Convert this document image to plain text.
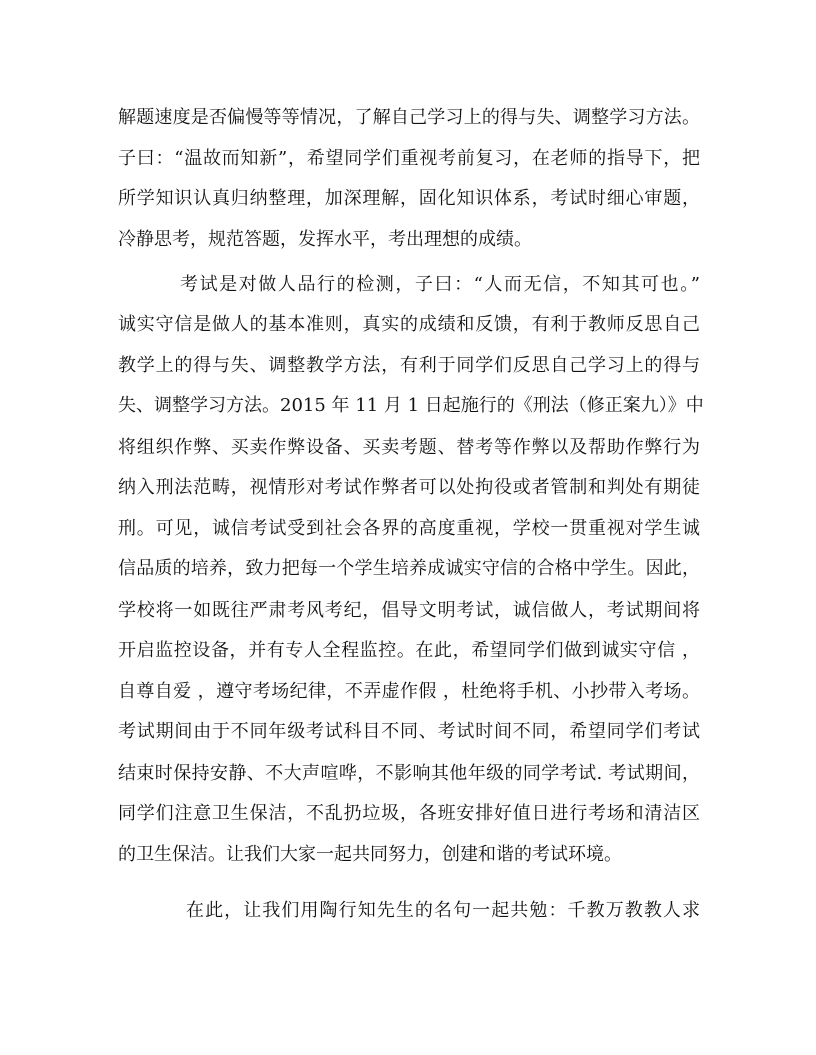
解题速度是否偏慢等等情况，了解自己学习上的得与失、调整学习方法。
子曰：“温故而知新”，希望同学们重视考前复习，在老师的指导下，把
所学知识认真归纳整理，加深理解，固化知识体系，考试时细心审题，
冷静思考，规范答题，发挥水平，考出理想的成绩。
考试是对做人品行的检测，子曰：“人而无信，不知其可也。”
诚实守信是做人的基本准则，真实的成绩和反馈，有利于教师反思自己
教学上的得与失、调整教学方法，有利于同学们反思自己学习上的得与
失、调整学习方法。2015 年 11 月 1 日起施行的《刑法（修正案九）》中
将组织作弊、买卖作弊设备、买卖考题、替考等作弊以及帮助作弊行为
纳入刑法范畴，视情形对考试作弊者可以处拘役或者管制和判处有期徒
刑。可见，诚信考试受到社会各界的高度重视，学校一贯重视对学生诚
信品质的培养，致力把每一个学生培养成诚实守信的合格中学生。因此，
学校将一如既往严肃考风考纪，倡导文明考试，诚信做人，考试期间将
开启监控设备，并有专人全程监控。在此，希望同学们做到诚实守信 ，
自尊自爱 ，遵守考场纪律，不弄虚作假 ，杜绝将手机、小抄带入考场。
考试期间由于不同年级考试科目不同、考试时间不同，希望同学们考试
结束时保持安静、不大声喧哗，不影响其他年级的同学考试. 考试期间，
同学们注意卫生保洁，不乱扔垃圾，各班安排好值日进行考场和清洁区
的卫生保洁。让我们大家一起共同努力，创建和谐的考试环境。
在此，让我们用陶行知先生的名句一起共勉：千教万教教人求
